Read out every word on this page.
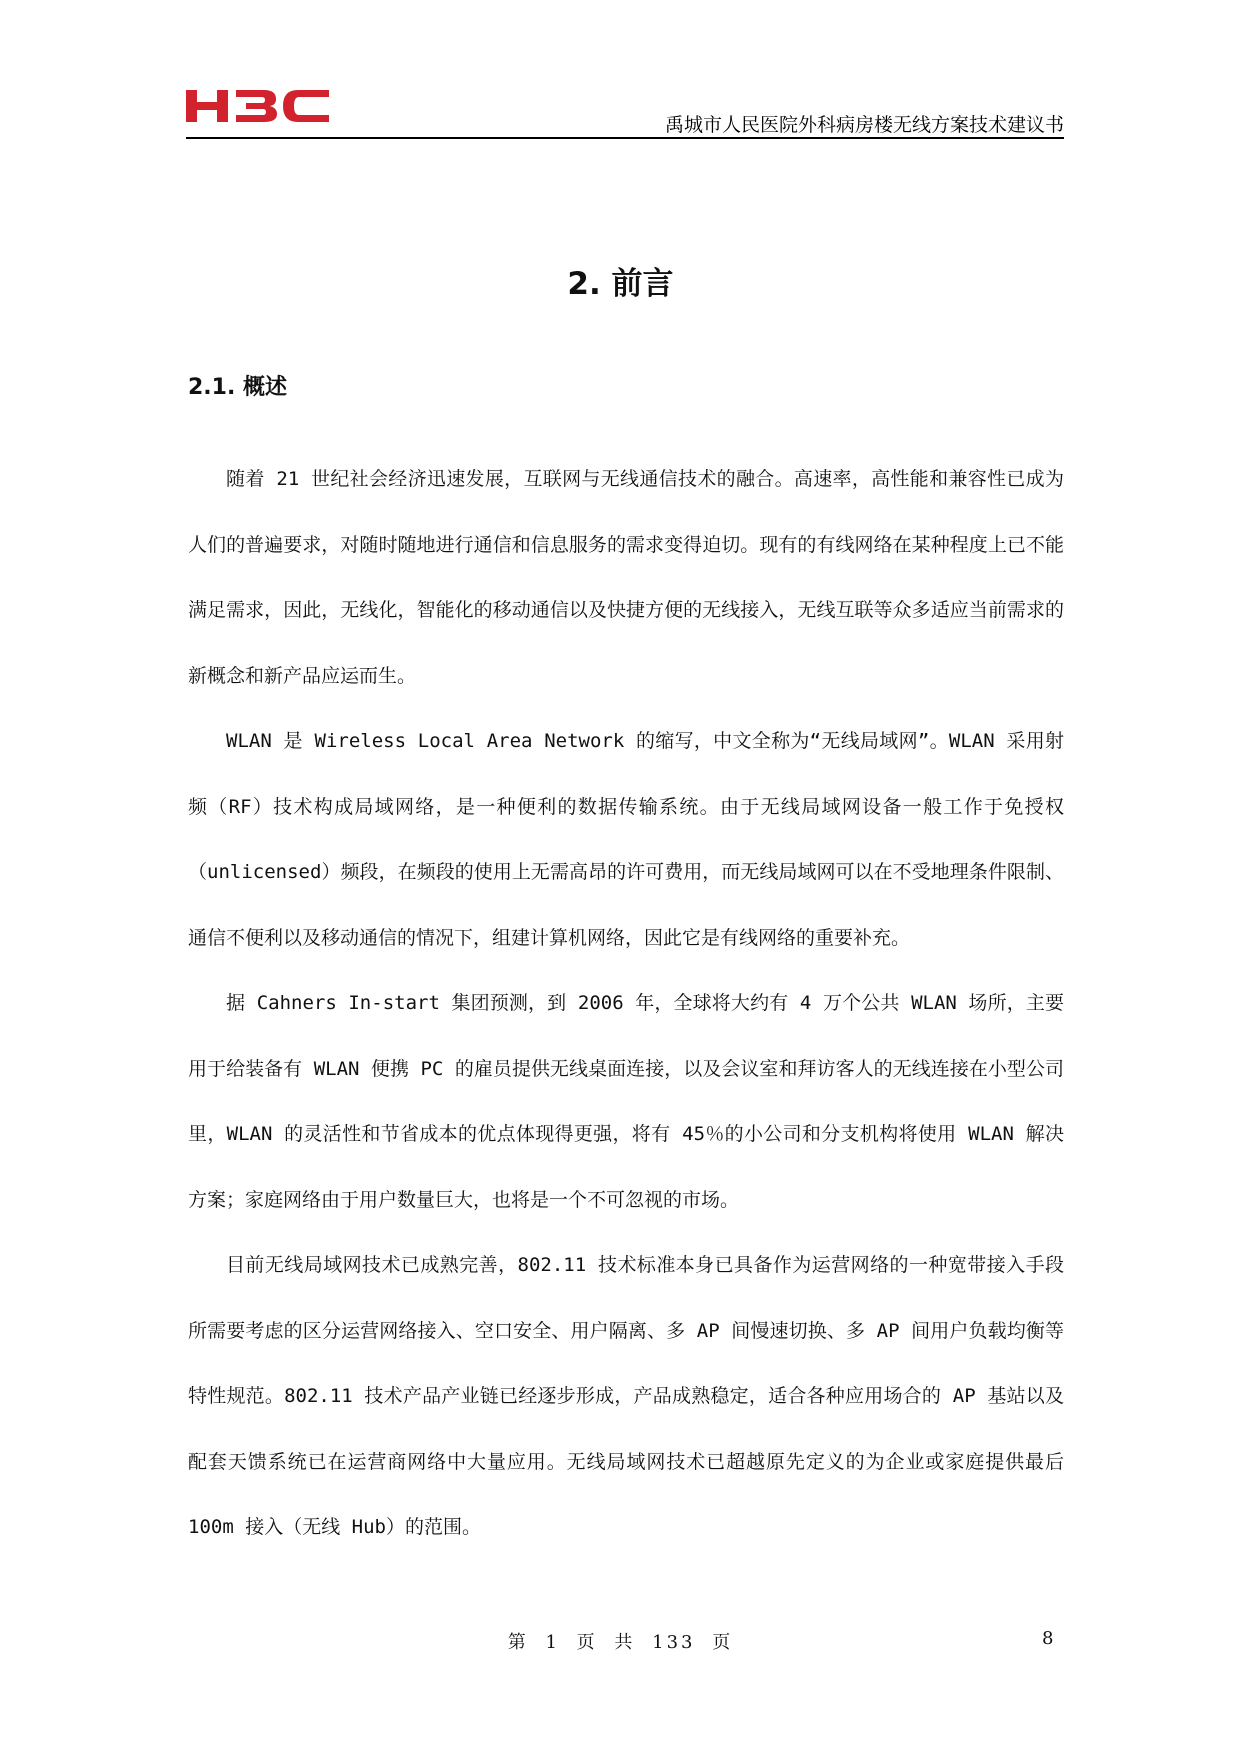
禹城市人民医院外科病房楼无线方案技术建议书
2. 前言
2.1. 概述

随着 21 世纪社会经济迅速发展，互联网与无线通信技术的融合。高速率，高性能和兼容性已成为人们的普遍要求，对随时随地进行通信和信息服务的需求变得迫切。现有的有线网络在某种程度上已不能满足需求，因此，无线化，智能化的移动通信以及快捷方便的无线接入，无线互联等众多适应当前需求的新概念和新产品应运而生。

WLAN 是 Wireless Local Area Network 的缩写，中文全称为“无线局域网”。WLAN 采用射频（RF）技术构成局域网络，是一种便利的数据传输系统。由于无线局域网设备一般工作于免授权（unlicensed）频段，在频段的使用上无需高昂的许可费用，而无线局域网可以在不受地理条件限制、通信不便利以及移动通信的情况下，组建计算机网络，因此它是有线网络的重要补充。

据 Cahners In-start 集团预测，到 2006 年，全球将大约有 4 万个公共 WLAN 场所，主要用于给装备有 WLAN 便携 PC 的雇员提供无线桌面连接，以及会议室和拜访客人的无线连接在小型公司里，WLAN 的灵活性和节省成本的优点体现得更强，将有 45％的小公司和分支机构将使用 WLAN 解决方案；家庭网络由于用户数量巨大，也将是一个不可忽视的市场。

目前无线局域网技术已成熟完善，802.11 技术标准本身已具备作为运营网络的一种宽带接入手段所需要考虑的区分运营网络接入、空口安全、用户隔离、多 AP 间慢速切换、多 AP 间用户负载均衡等特性规范。802.11 技术产品产业链已经逐步形成，产品成熟稳定，适合各种应用场合的 AP 基站以及配套天馈系统已在运营商网络中大量应用。无线局域网技术已超越原先定义的为企业或家庭提供最后 100m 接入（无线 Hub）的范围。

第 1 页 共 133 页	8
